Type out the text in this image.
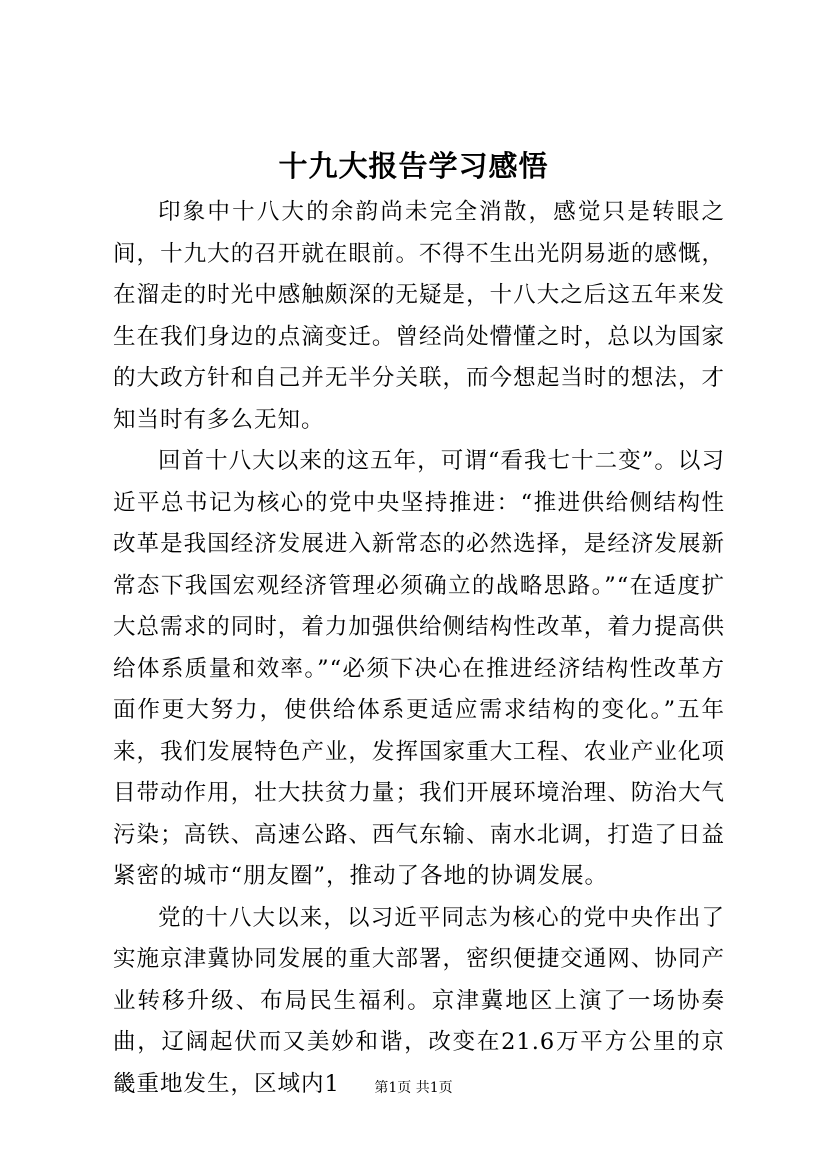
十九大报告学习感悟

印象中十八大的余韵尚未完全消散，感觉只是转眼之间，十九大的召开就在眼前。不得不生出光阴易逝的感慨，在溜走的时光中感触颇深的无疑是，十八大之后这五年来发生在我们身边的点滴变迁。曾经尚处懵懂之时，总以为国家的大政方针和自己并无半分关联，而今想起当时的想法，才知当时有多么无知。

回首十八大以来的这五年，可谓“看我七十二变”。以习近平总书记为核心的党中央坚持推进：“推进供给侧结构性改革是我国经济发展进入新常态的必然选择，是经济发展新常态下我国宏观经济管理必须确立的战略思路。”“在适度扩大总需求的同时，着力加强供给侧结构性改革，着力提高供给体系质量和效率。”“必须下决心在推进经济结构性改革方面作更大努力，使供给体系更适应需求结构的变化。”五年来，我们发展特色产业，发挥国家重大工程、农业产业化项目带动作用，壮大扶贫力量；我们开展环境治理、防治大气污染；高铁、高速公路、西气东输、南水北调，打造了日益紧密的城市“朋友圈”，推动了各地的协调发展。

党的十八大以来，以习近平同志为核心的党中央作出了实施京津冀协同发展的重大部署，密织便捷交通网、协同产业转移升级、布局民生福利。京津冀地区上演了一场协奏曲，辽阔起伏而又美妙和谐，改变在21.6万平方公里的京畿重地发生，区域内1	第1页 共1页
